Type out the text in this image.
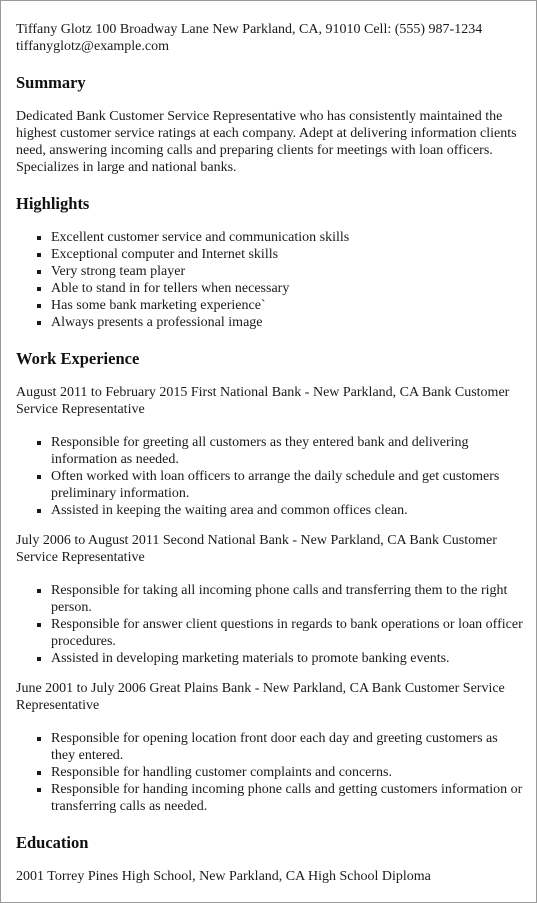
Tiffany Glotz 100 Broadway Lane New Parkland, CA, 91010 Cell: (555) 987-1234
tiffanyglotz@example.com
Summary

Dedicated Bank Customer Service Representative who has consistently maintained the highest customer service ratings at each company. Adept at delivering information clients need, answering incoming calls and preparing clients for meetings with loan officers. Specializes in large and national banks.

Highlights
Excellent customer service and communication skills
Exceptional computer and Internet skills
Very strong team player
Able to stand in for tellers when necessary
Has some bank marketing experience`
Always presents a professional image
Work Experience

August 2011 to February 2015 First National Bank - New Parkland, CA Bank Customer Service Representative

Responsible for greeting all customers as they entered bank and delivering information as needed.
Often worked with loan officers to arrange the daily schedule and get customers preliminary information.
Assisted in keeping the waiting area and common offices clean.

July 2006 to August 2011 Second National Bank - New Parkland, CA Bank Customer Service Representative

Responsible for taking all incoming phone calls and transferring them to the right person.
Responsible for answer client questions in regards to bank operations or loan officer procedures.
Assisted in developing marketing materials to promote banking events.

June 2001 to July 2006 Great Plains Bank - New Parkland, CA Bank Customer Service Representative

Responsible for opening location front door each day and greeting customers as they entered.
Responsible for handling customer complaints and concerns.
Responsible for handing incoming phone calls and getting customers information or transferring calls as needed.
Education

2001 Torrey Pines High School, New Parkland, CA High School Diploma
